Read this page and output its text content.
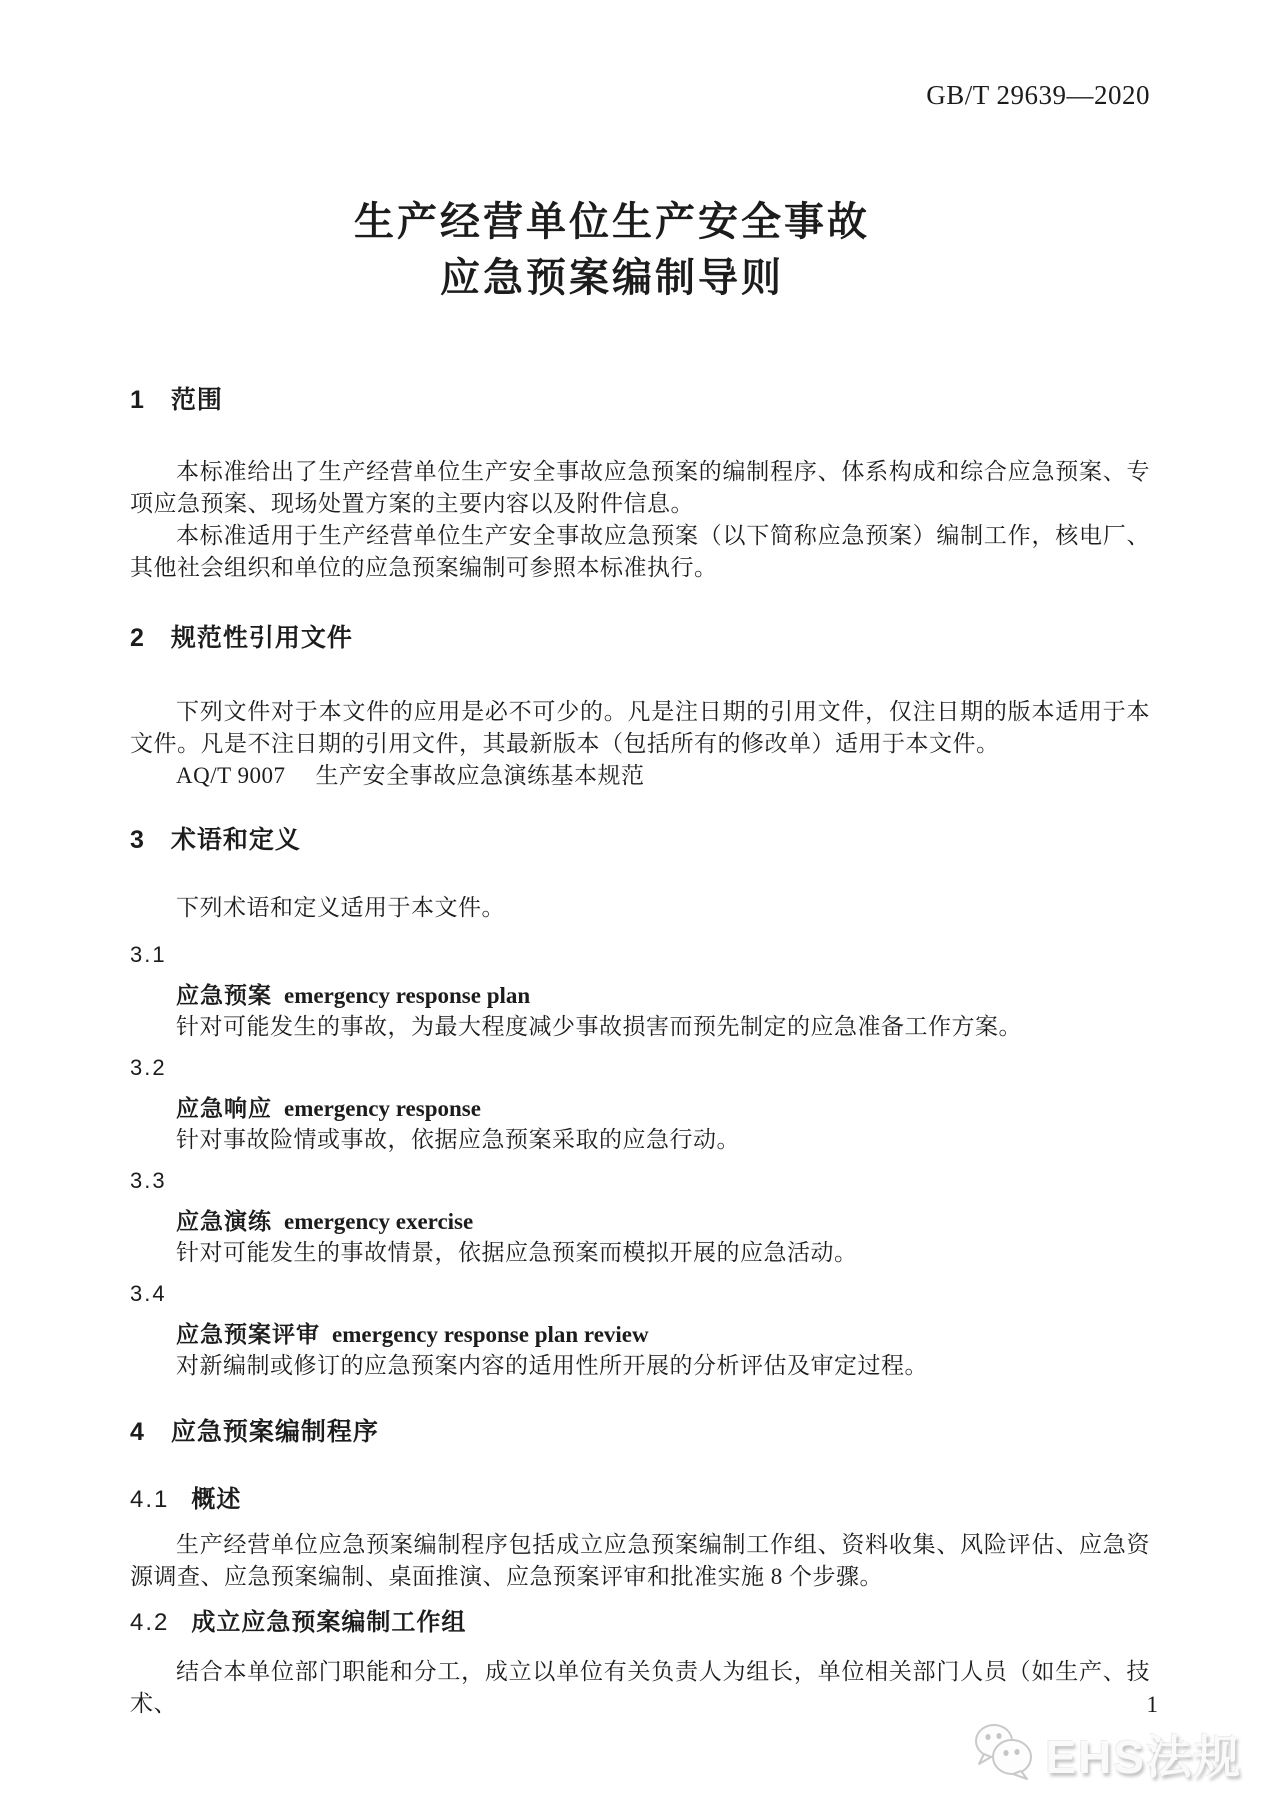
GB/T 29639—2020
生产经营单位生产安全事故
应急预案编制导则
1 范围

本标准给出了生产经营单位生产安全事故应急预案的编制程序、体系构成和综合应急预案、专项应急预案、现场处置方案的主要内容以及附件信息。

本标准适用于生产经营单位生产安全事故应急预案（以下简称应急预案）编制工作，核电厂、其他社会组织和单位的应急预案编制可参照本标准执行。

2 规范性引用文件

下列文件对于本文件的应用是必不可少的。凡是注日期的引用文件，仅注日期的版本适用于本文件。凡是不注日期的引用文件，其最新版本（包括所有的修改单）适用于本文件。

AQ/T 9007 生产安全事故应急演练基本规范

3 术语和定义

下列术语和定义适用于本文件。

3.1
应急预案 emergency response plan

针对可能发生的事故，为最大程度减少事故损害而预先制定的应急准备工作方案。

3.2
应急响应 emergency response

针对事故险情或事故，依据应急预案采取的应急行动。

3.3
应急演练 emergency exercise

针对可能发生的事故情景，依据应急预案而模拟开展的应急活动。

3.4
应急预案评审 emergency response plan review

对新编制或修订的应急预案内容的适用性所开展的分析评估及审定过程。

4 应急预案编制程序
4.1 概述

生产经营单位应急预案编制程序包括成立应急预案编制工作组、资料收集、风险评估、应急资源调查、应急预案编制、桌面推演、应急预案评审和批准实施 8 个步骤。

4.2 成立应急预案编制工作组

结合本单位部门职能和分工，成立以单位有关负责人为组长，单位相关部门人员（如生产、技术、	1
EHS法规
